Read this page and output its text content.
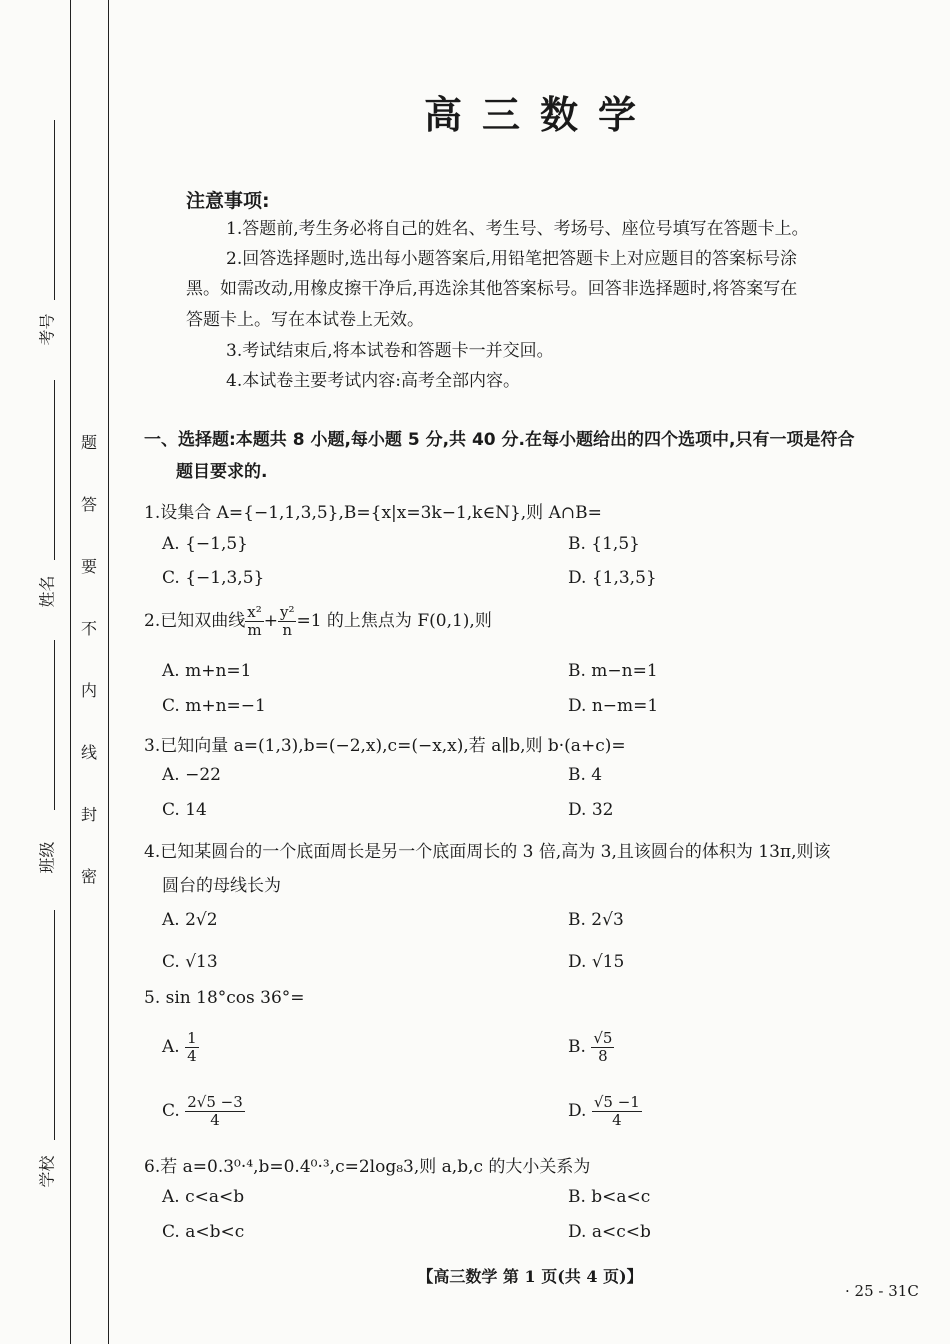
考号
姓名
班级
学校
题
答
要
不
内
线
封
密
高三数学
注意事项:
1.答题前,考生务必将自己的姓名、考生号、考场号、座位号填写在答题卡上。
2.回答选择题时,选出每小题答案后,用铅笔把答题卡上对应题目的答案标号涂
黑。如需改动,用橡皮擦干净后,再选涂其他答案标号。回答非选择题时,将答案写在
答题卡上。写在本试卷上无效。
3.考试结束后,将本试卷和答题卡一并交回。
4.本试卷主要考试内容:高考全部内容。
一、选择题:本题共 8 小题,每小题 5 分,共 40 分.在每小题给出的四个选项中,只有一项是符合
题目要求的.
1.设集合 A={−1,1,3,5},B={x|x=3k−1,k∈N},则 A∩B=
A. {−1,5}	B. {1,5}
C. {−1,3,5}	D. {1,3,5}
2.已知双曲线 $\frac{\text{x²}}{m} + \frac{\text{y²}}{n} =1$ 的上焦点为 F(0,1),则
A. m+n=1	B. m−n=1
C. m+n=−1	D. n−m=1
3.已知向量 a=(1,3),b=(−2,x),c=(−x,x),若 a∥b,则 b·(a+c)=
A. −22	B. 4
C. 14	D. 32
4.已知某圆台的一个底面周长是另一个底面周长的 3 倍,高为 3,且该圆台的体积为 13π,则该
圆台的母线长为
A. 2√2	B. 2√3
C. √13	D. √15
5. sin 18°cos 36°=
A. $\frac{1}{4}$	B. $\frac{√5}{8}$
C. $\frac{2√5 -3}{4}$	D. $\frac{√5 -1}{4}$
6.若 a=0.3⁰·⁴,b=0.4⁰·³,c=2log₈3,则 a,b,c 的大小关系为
A. c<a<b	B. b<a<c
C. a<b<c	D. a<c<b
【高三数学 第 1 页(共 4 页)】
· 25 - 31C
